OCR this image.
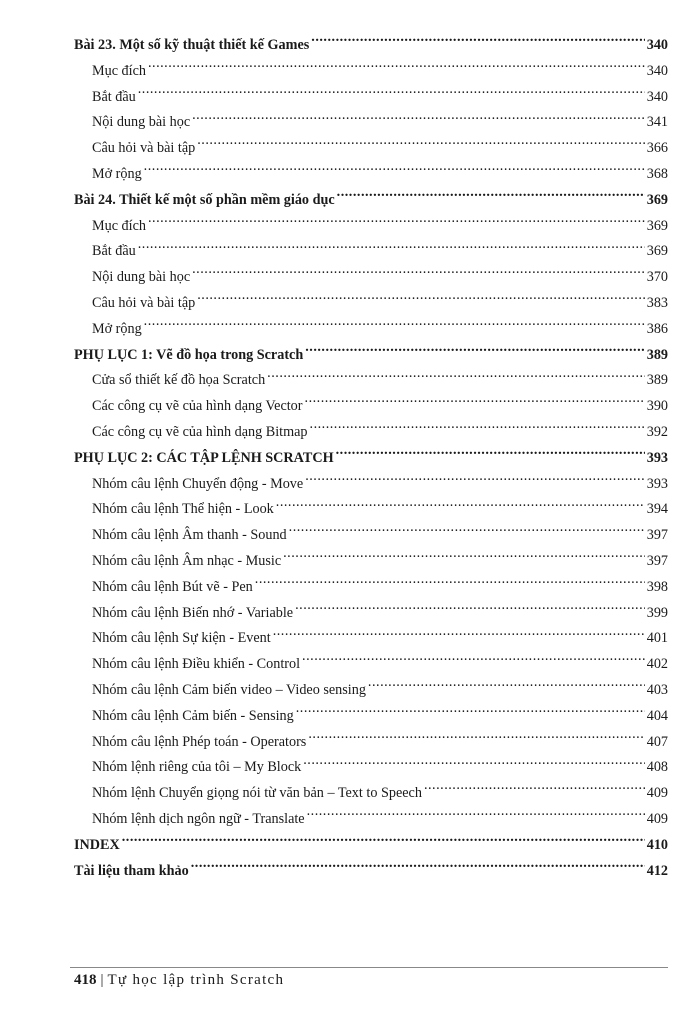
Bài 23. Một số kỹ thuật thiết kế Games .....	340
Mục đích .....	340
Bắt đầu .....	340
Nội dung bài học .....	341
Câu hỏi và bài tập .....	366
Mở rộng .....	368
Bài 24. Thiết kế một số phần mềm giáo dục .....	369
Mục đích .....	369
Bắt đầu .....	369
Nội dung bài học .....	370
Câu hỏi và bài tập .....	383
Mở rộng .....	386
PHỤ LỤC 1: Vẽ đồ họa trong Scratch .....	389
Cửa sổ thiết kế đồ họa Scratch .....	389
Các công cụ vẽ của hình dạng Vector .....	390
Các công cụ vẽ của hình dạng Bitmap .....	392
PHỤ LỤC 2: CÁC TẬP LỆNH SCRATCH .....	393
Nhóm câu lệnh Chuyển động - Move .....	393
Nhóm câu lệnh Thể hiện - Look .....	394
Nhóm câu lệnh Âm thanh - Sound .....	397
Nhóm câu lệnh Âm nhạc - Music .....	397
Nhóm câu lệnh Bút vẽ - Pen .....	398
Nhóm câu lệnh Biến nhớ - Variable .....	399
Nhóm câu lệnh Sự kiện - Event .....	401
Nhóm câu lệnh Điều khiển - Control .....	402
Nhóm câu lệnh Cảm biến video – Video sensing .....	403
Nhóm câu lệnh Cảm biến - Sensing .....	404
Nhóm câu lệnh Phép toán - Operators .....	407
Nhóm lệnh riêng của tôi – My Block .....	408
Nhóm lệnh Chuyển giọng nói từ văn bản – Text to Speech .....	409
Nhóm lệnh dịch ngôn ngữ - Translate .....	409
INDEX .....	410
Tài liệu tham khảo .....	412
418 | Tự học lập trình Scratch
